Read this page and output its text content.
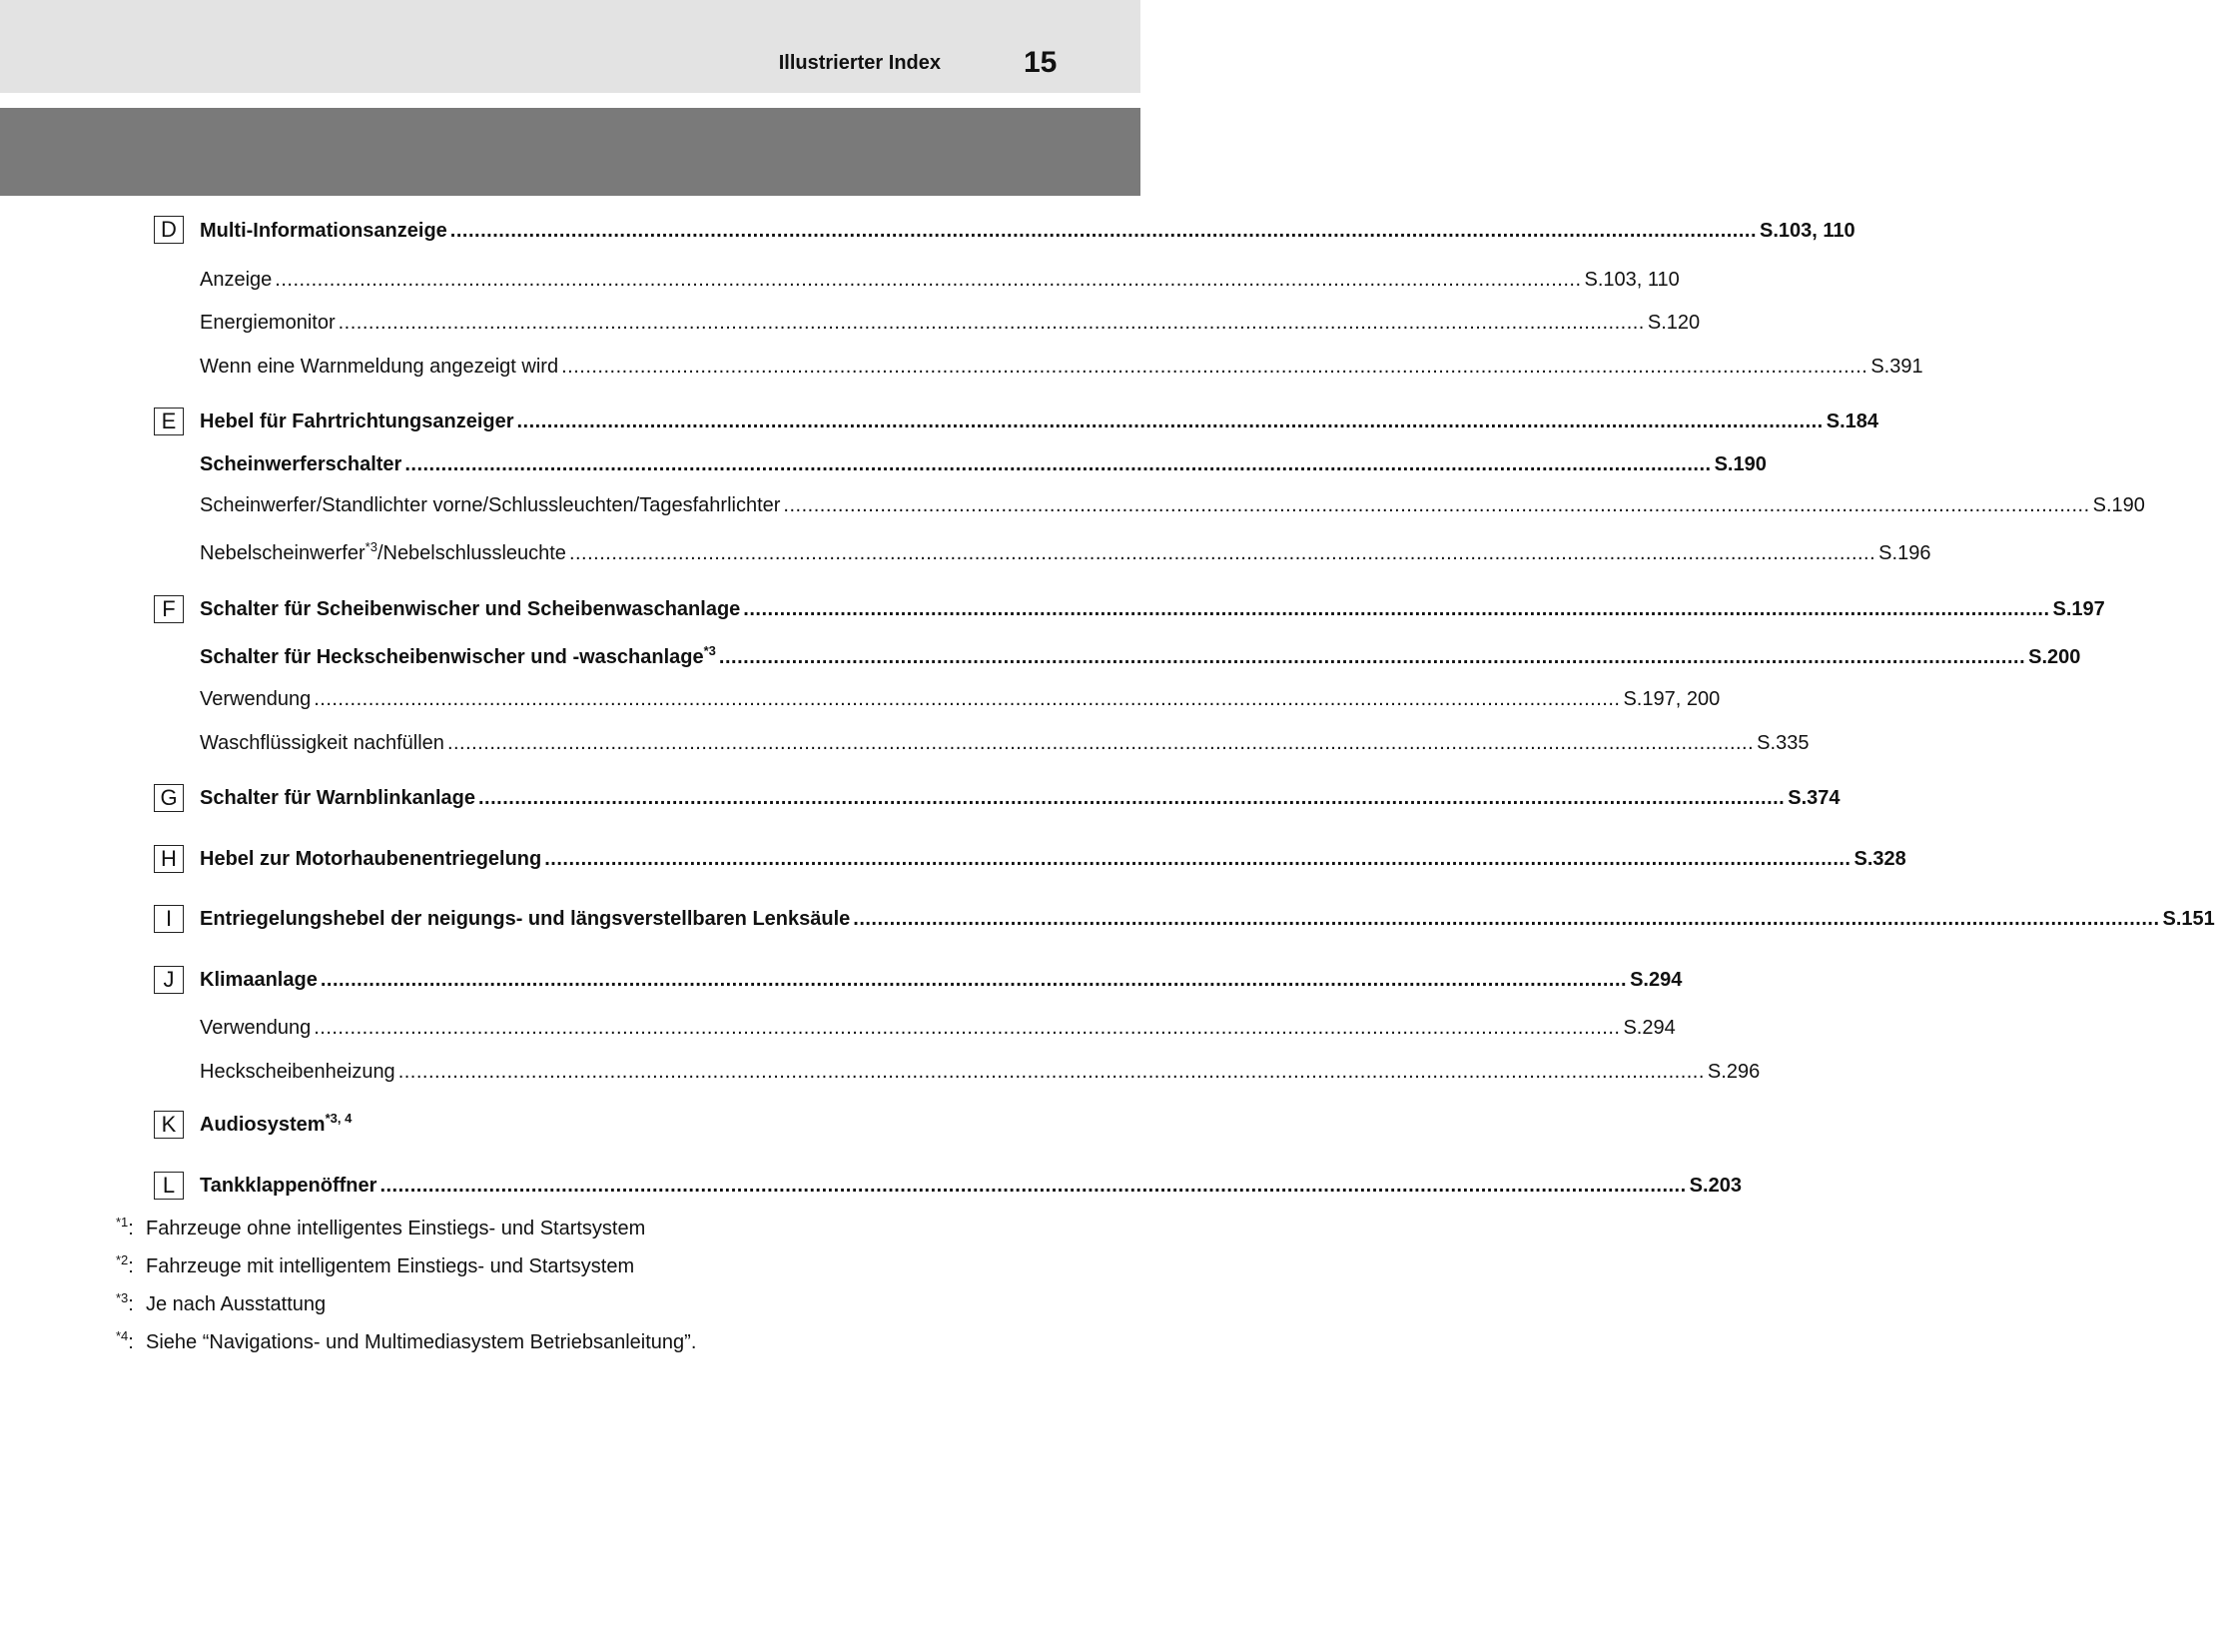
Illustrierter Index	15
D	Multi-Informationsanzeige ........................................................................................................................................................................................................................ S.103, 110
Anzeige ........................................................................................................................................................................................................................ S.103, 110
Energiemonitor ........................................................................................................................................................................................................................ S.120
Wenn eine Warnmeldung angezeigt wird ........................................................................................................................................................................................................................ S.391
E	Hebel für Fahrtrichtungsanzeiger ........................................................................................................................................................................................................................ S.184
Scheinwerferschalter ........................................................................................................................................................................................................................ S.190
Scheinwerfer/Standlichter vorne/Schlussleuchten/Tagesfahrlichter ........................................................................................................................................................................................................................ S.190
Nebelscheinwerfer$^{*3}$/Nebelschlussleuchte ........................................................................................................................................................................................................................ S.196
F	Schalter für Scheibenwischer und Scheibenwaschanlage ........................................................................................................................................................................................................................ S.197
Schalter für Heckscheibenwischer und -waschanlage$^{*3}$ ........................................................................................................................................................................................................................ S.200
Verwendung ........................................................................................................................................................................................................................ S.197, 200
Waschflüssigkeit nachfüllen ........................................................................................................................................................................................................................ S.335
G	Schalter für Warnblinkanlage ........................................................................................................................................................................................................................ S.374
H	Hebel zur Motorhaubenentriegelung ........................................................................................................................................................................................................................ S.328
I	Entriegelungshebel der neigungs- und längsverstellbaren Lenksäule ........................................................................................................................................................................................................................ S.151
J	Klimaanlage ........................................................................................................................................................................................................................ S.294
Verwendung ........................................................................................................................................................................................................................ S.294
Heckscheibenheizung ........................................................................................................................................................................................................................ S.296
K	Audiosystem$^{*3, 4}$
L	Tankklappenöffner ........................................................................................................................................................................................................................ S.203
$^{*1}$: Fahrzeuge ohne intelligentes Einstiegs- und Startsystem
$^{*2}$: Fahrzeuge mit intelligentem Einstiegs- und Startsystem
$^{*3}$: Je nach Ausstattung
$^{*4}$: Siehe “Navigations- und Multimediasystem Betriebsanleitung”.
